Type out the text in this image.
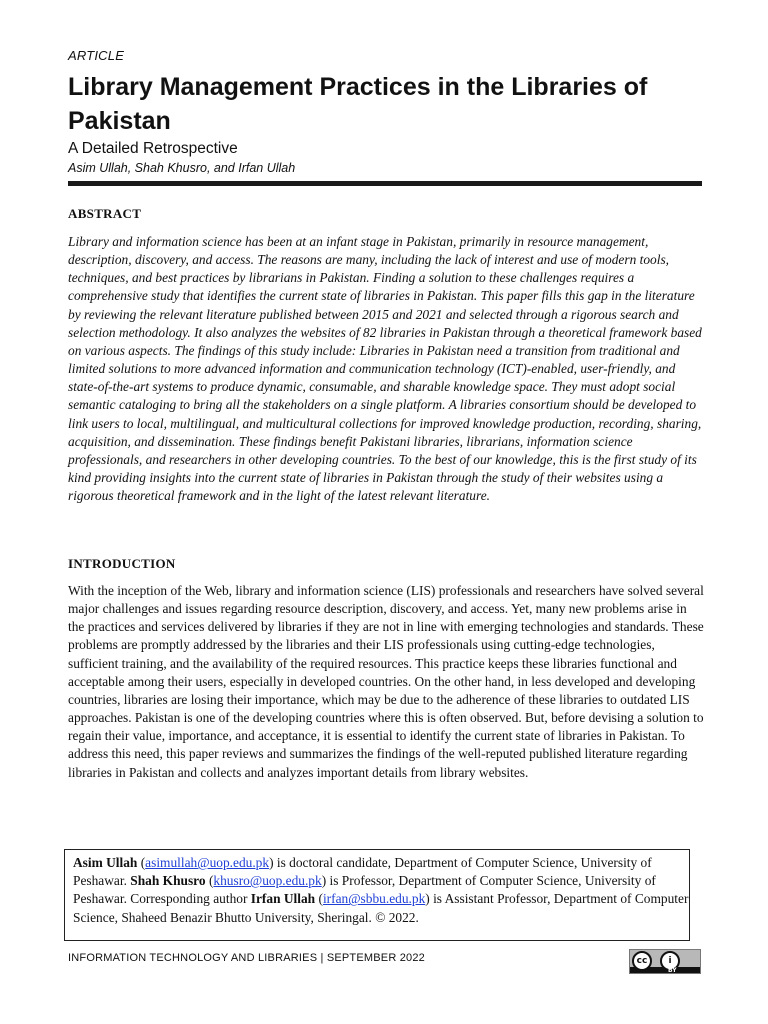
ARTICLE
Library Management Practices in the Libraries of Pakistan
A Detailed Retrospective
Asim Ullah, Shah Khusro, and Irfan Ullah
ABSTRACT

Library and information science has been at an infant stage in Pakistan, primarily in resource management, description, discovery, and access. The reasons are many, including the lack of interest and use of modern tools, techniques, and best practices by librarians in Pakistan. Finding a solution to these challenges requires a comprehensive study that identifies the current state of libraries in Pakistan. This paper fills this gap in the literature by reviewing the relevant literature published between 2015 and 2021 and selected through a rigorous search and selection methodology. It also analyzes the websites of 82 libraries in Pakistan through a theoretical framework based on various aspects. The findings of this study include: Libraries in Pakistan need a transition from traditional and limited solutions to more advanced information and communication technology (ICT)-enabled, user-friendly, and state-of-the-art systems to produce dynamic, consumable, and sharable knowledge space. They must adopt social semantic cataloging to bring all the stakeholders on a single platform. A libraries consortium should be developed to link users to local, multilingual, and multicultural collections for improved knowledge production, recording, sharing, acquisition, and dissemination. These findings benefit Pakistani libraries, librarians, information science professionals, and researchers in other developing countries. To the best of our knowledge, this is the first study of its kind providing insights into the current state of libraries in Pakistan through the study of their websites using a rigorous theoretical framework and in the light of the latest relevant literature.

INTRODUCTION

With the inception of the Web, library and information science (LIS) professionals and researchers have solved several major challenges and issues regarding resource description, discovery, and access. Yet, many new problems arise in the practices and services delivered by libraries if they are not in line with emerging technologies and standards. These problems are promptly addressed by the libraries and their LIS professionals using cutting-edge technologies, sufficient training, and the availability of the required resources. This practice keeps these libraries functional and acceptable among their users, especially in developed countries. On the other hand, in less developed and developing countries, libraries are losing their importance, which may be due to the adherence of these libraries to outdated LIS approaches. Pakistan is one of the developing countries where this is often observed. But, before devising a solution to regain their value, importance, and acceptance, it is essential to identify the current state of libraries in Pakistan. To address this need, this paper reviews and summarizes the findings of the well-reputed published literature regarding libraries in Pakistan and collects and analyzes important details from library websites.

Asim Ullah (asimullah@uop.edu.pk) is doctoral candidate, Department of Computer Science, University of Peshawar. Shah Khusro (khusro@uop.edu.pk) is Professor, Department of Computer Science, University of Peshawar. Corresponding author Irfan Ullah (irfan@sbbu.edu.pk) is Assistant Professor, Department of Computer Science, Shaheed Benazir Bhutto University, Sheringal. © 2022.
INFORMATION TECHNOLOGY AND LIBRARIES | SEPTEMBER 2022	cc	i
BY
